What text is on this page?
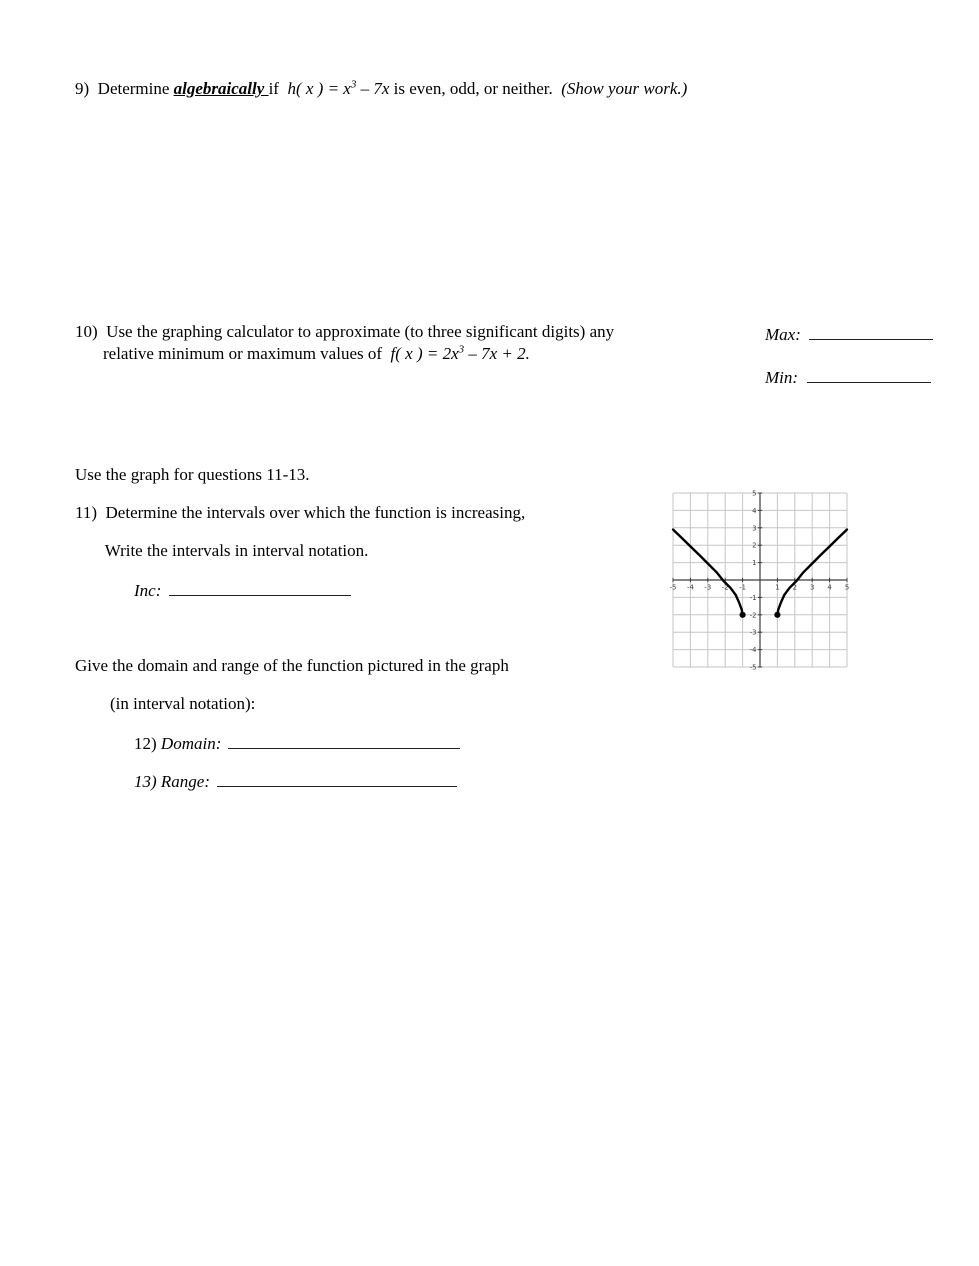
9)  Determine algebraically if  h( x ) = $x^3 - 7x$ is even, odd, or neither.  (Show your work.)

10)  Use the graphing calculator to approximate (to three significant digits) any

relative minimum or maximum values of  f( x ) = $2x^3 - 7x + 2$.

Max:

Min:

Use the graph for questions 11-13.

11)  Determine the intervals over which the function is increasing,

Write the intervals in interval notation.

Inc:
	-5 -4 -3 -2 -1	1 2 3 4 5
5
4
3
2
1
-1
-2
-3
-4
-5

Give the domain and range of the function pictured in the graph

(in interval notation):

12) Domain:

13) Range:
